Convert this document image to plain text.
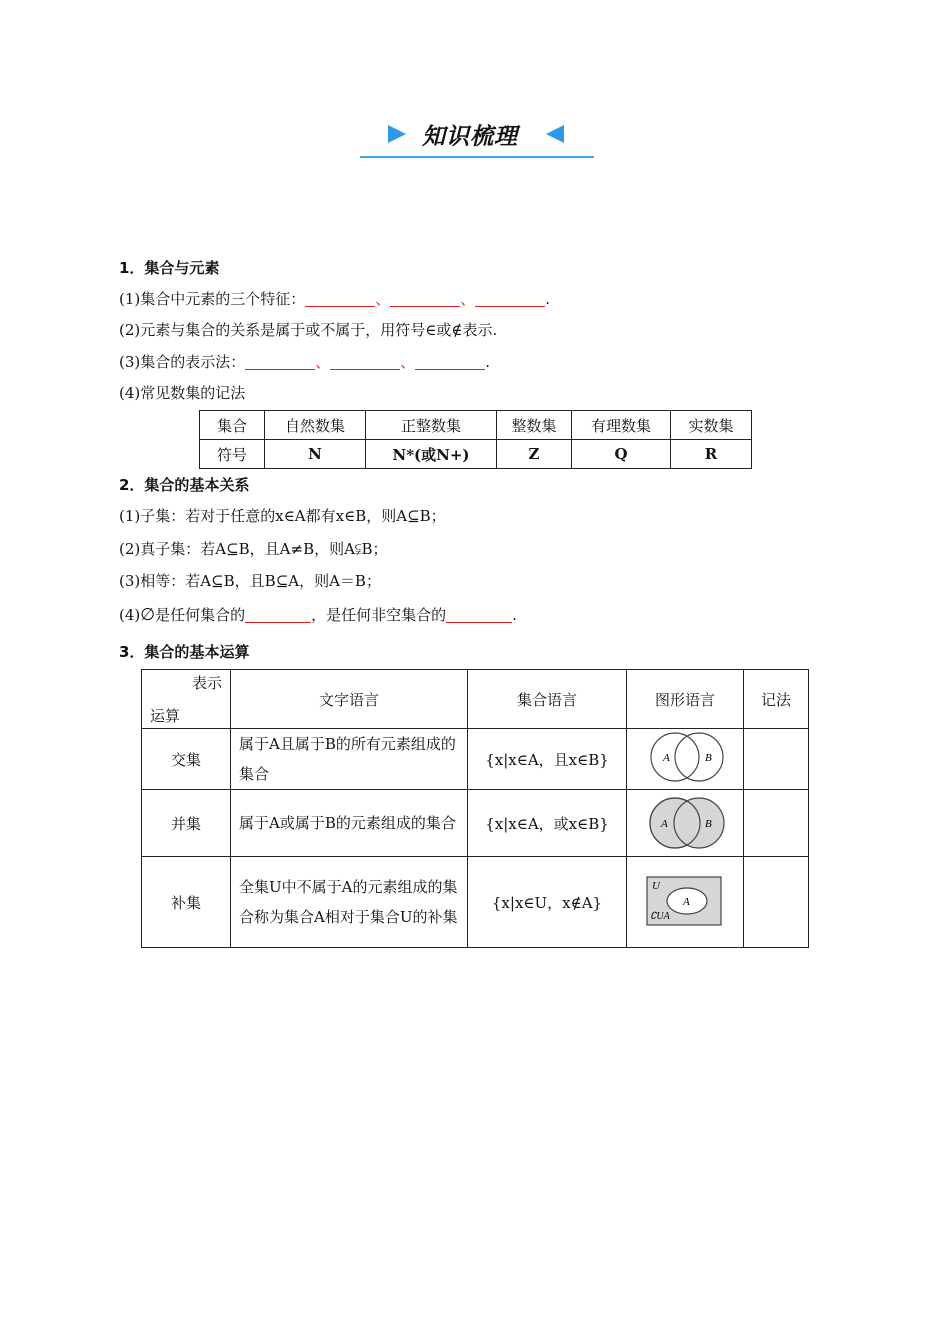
知识梳理
1．集合与元素
(1)集合中元素的三个特征：	、	、	.
(2)元素与集合的关系是属于或不属于，用符号∈或∉表示.
(3)集合的表示法：	、	、	.
(4)常见数集的记法
集合	自然数集	正整数集	整数集	有理数集	实数集
符号	N	N*(或N+)	Z	Q	R
2．集合的基本关系
(1)子集：若对于任意的x∈A都有x∈B，则A⊆B；
(2)真子集：若A⊆B，且A≠B，则A⫋B；
(3)相等：若A⊆B，且B⊆A，则A＝B；
(4)∅是任何集合的	，是任何非空集合的	.
3．集合的基本运算
表示
运算	文字语言	集合语言	图形语言	记法
交集	属于A且属于B的所有元素组成的集合	{x|x∈A，且x∈B}	A B	

并集	属于A或属于B的元素组成的集合	{x|x∈A，或x∈B}	A B	

补集	全集U中不属于A的元素组成的集合称为集合A相对于集合U的补集	{x|x∈U，x∉A}	U
A
∁UA	
